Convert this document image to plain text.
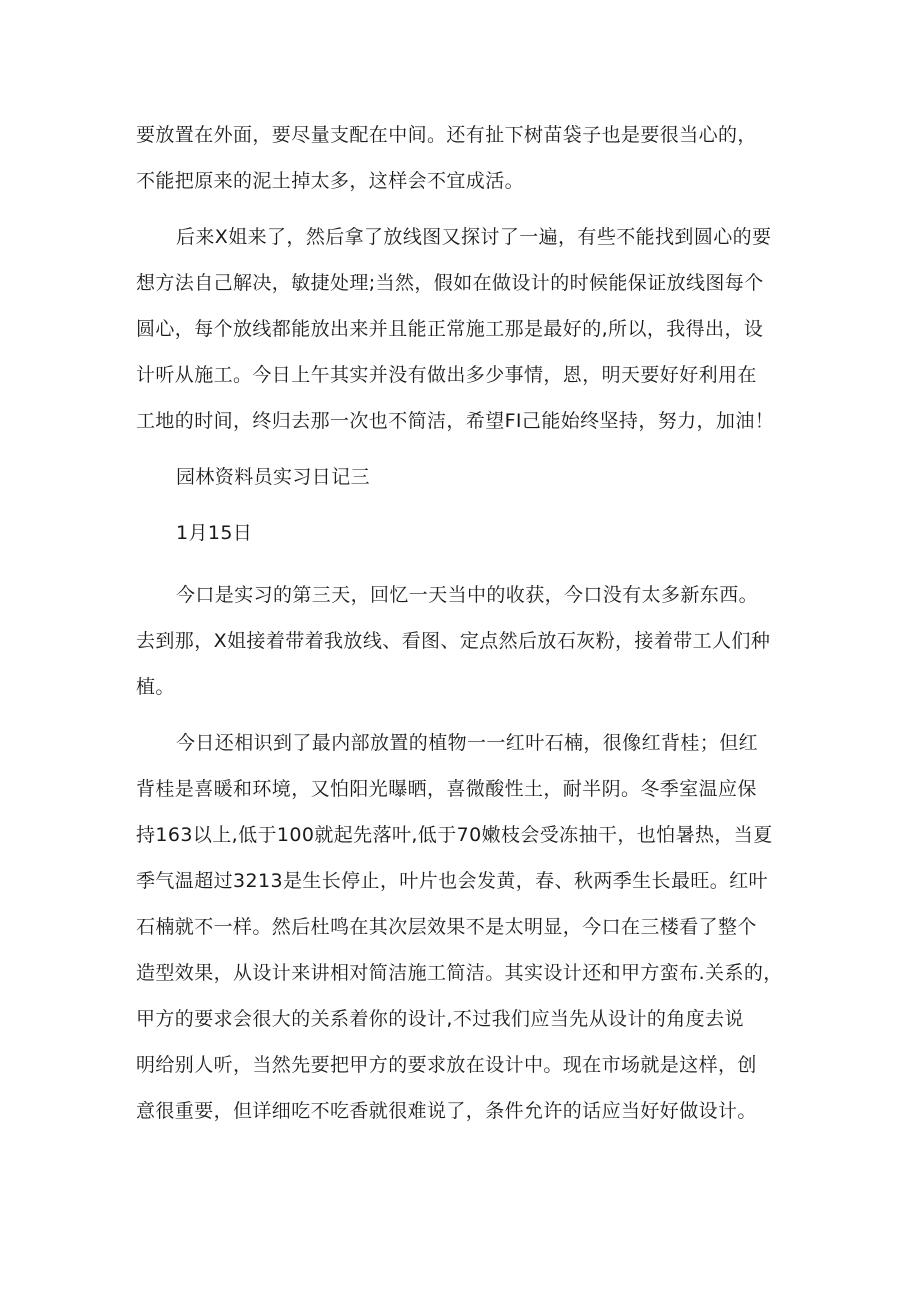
要放置在外面，要尽量支配在中间。还有扯下树苗袋子也是要很当心的，
不能把原来的泥土掉太多，这样会不宜成活。
后来X姐来了，然后拿了放线图又探讨了一遍，有些不能找到圆心的要
想方法自己解决，敏捷处理;当然，假如在做设计的时候能保证放线图每个
圆心，每个放线都能放出来并且能正常施工那是最好的,所以，我得出，设
计听从施工。今日上午其实并没有做出多少事情，恩，明天要好好利用在
工地的时间，终归去那一次也不简洁，希望FI己能始终坚持，努力，加油！
园林资料员实习日记三
1月15日
今口是实习的第三天，回忆一天当中的收获，今口没有太多新东西。
去到那，X姐接着带着我放线、看图、定点然后放石灰粉，接着带工人们种
植。
今日还相识到了最内部放置的植物一一红叶石楠，很像红背桂；但红
背桂是喜暖和环境，又怕阳光曝晒，喜微酸性土，耐半阴。冬季室温应保
持163以上,低于100就起先落叶,低于70嫩枝会受冻抽干，也怕暑热，当夏
季气温超过3213是生长停止，叶片也会发黄，春、秋两季生长最旺。红叶
石楠就不一样。然后杜鸣在其次层效果不是太明显，今口在三楼看了整个
造型效果，从设计来讲相对简洁施工简洁。其实设计还和甲方蛮布.关系的，
甲方的要求会很大的关系着你的设计,不过我们应当先从设计的角度去说
明给别人听，当然先要把甲方的要求放在设计中。现在市场就是这样，创
意很重要，但详细吃不吃香就很难说了，条件允许的话应当好好做设计。
